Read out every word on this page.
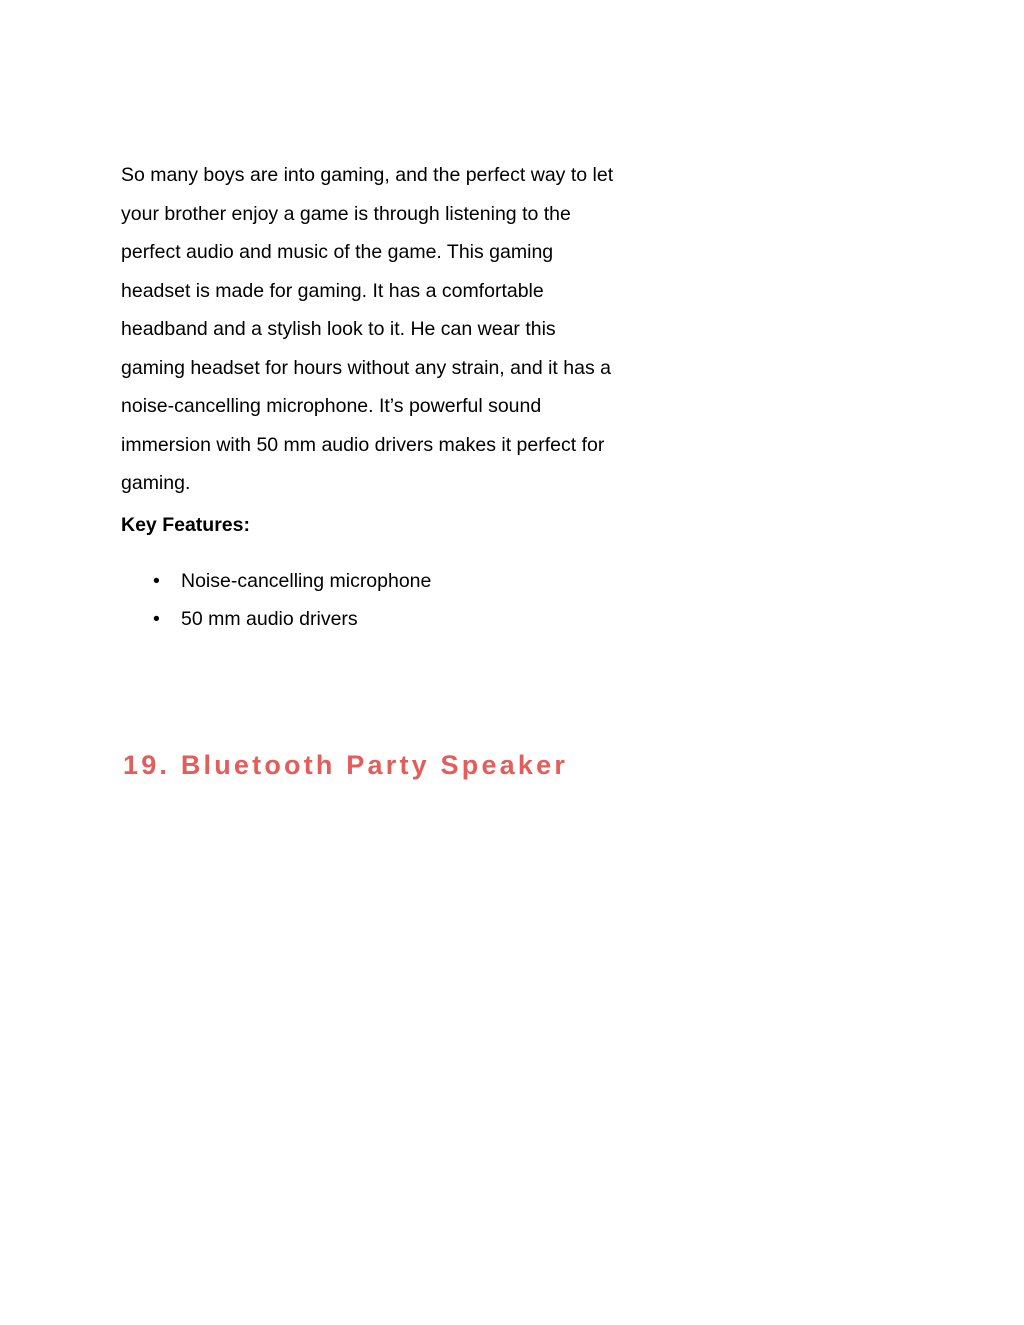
So many boys are into gaming, and the perfect way to let
your brother enjoy a game is through listening to the
perfect audio and music of the game. This gaming
headset is made for gaming. It has a comfortable
headband and a stylish look to it. He can wear this
gaming headset for hours without any strain, and it has a
noise-cancelling microphone. It’s powerful sound
immersion with 50 mm audio drivers makes it perfect for
gaming.
Key Features:
• Noise-cancelling microphone
• 50 mm audio drivers
19. Bluetooth Party Speaker
